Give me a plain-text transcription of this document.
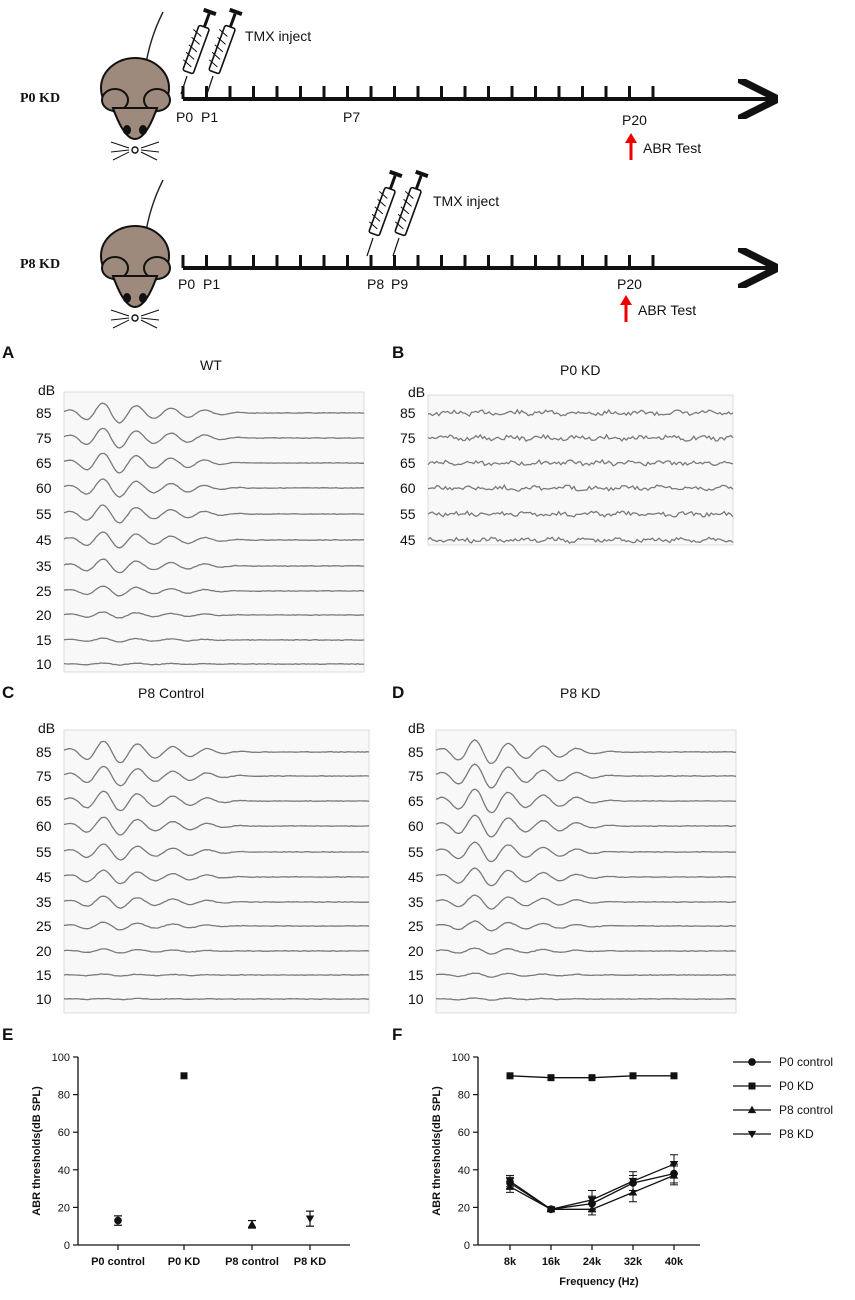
P0 KD
TMX inject
P0 P1	P7	P20
ABR Test
P8 KD
TMX inject
P0 P1	P8 P9	P20
ABR Test
A
WT
dB
85
75
65
60
55
45
35
25
20
15
10
B
P0 KD
dB
85
75
65
60
55
45
C	P8 Control
dB
85
75
65
60
55
45
35
25
20
15
10
D	P8 KD
dB
85
75
65
60
55
45
35
25
20
15
10
E
0
20
40
60
80
100
ABR thresholds(dB SPL)
P0 control P0 KD P8 control P8 KD
F
0
20
40
60
80
100
ABR thresholds(dB SPL)
8k 16k 24k 32k 40k
Frequency (Hz)
P0 control
P0 KD
P8 control
P8 KD
